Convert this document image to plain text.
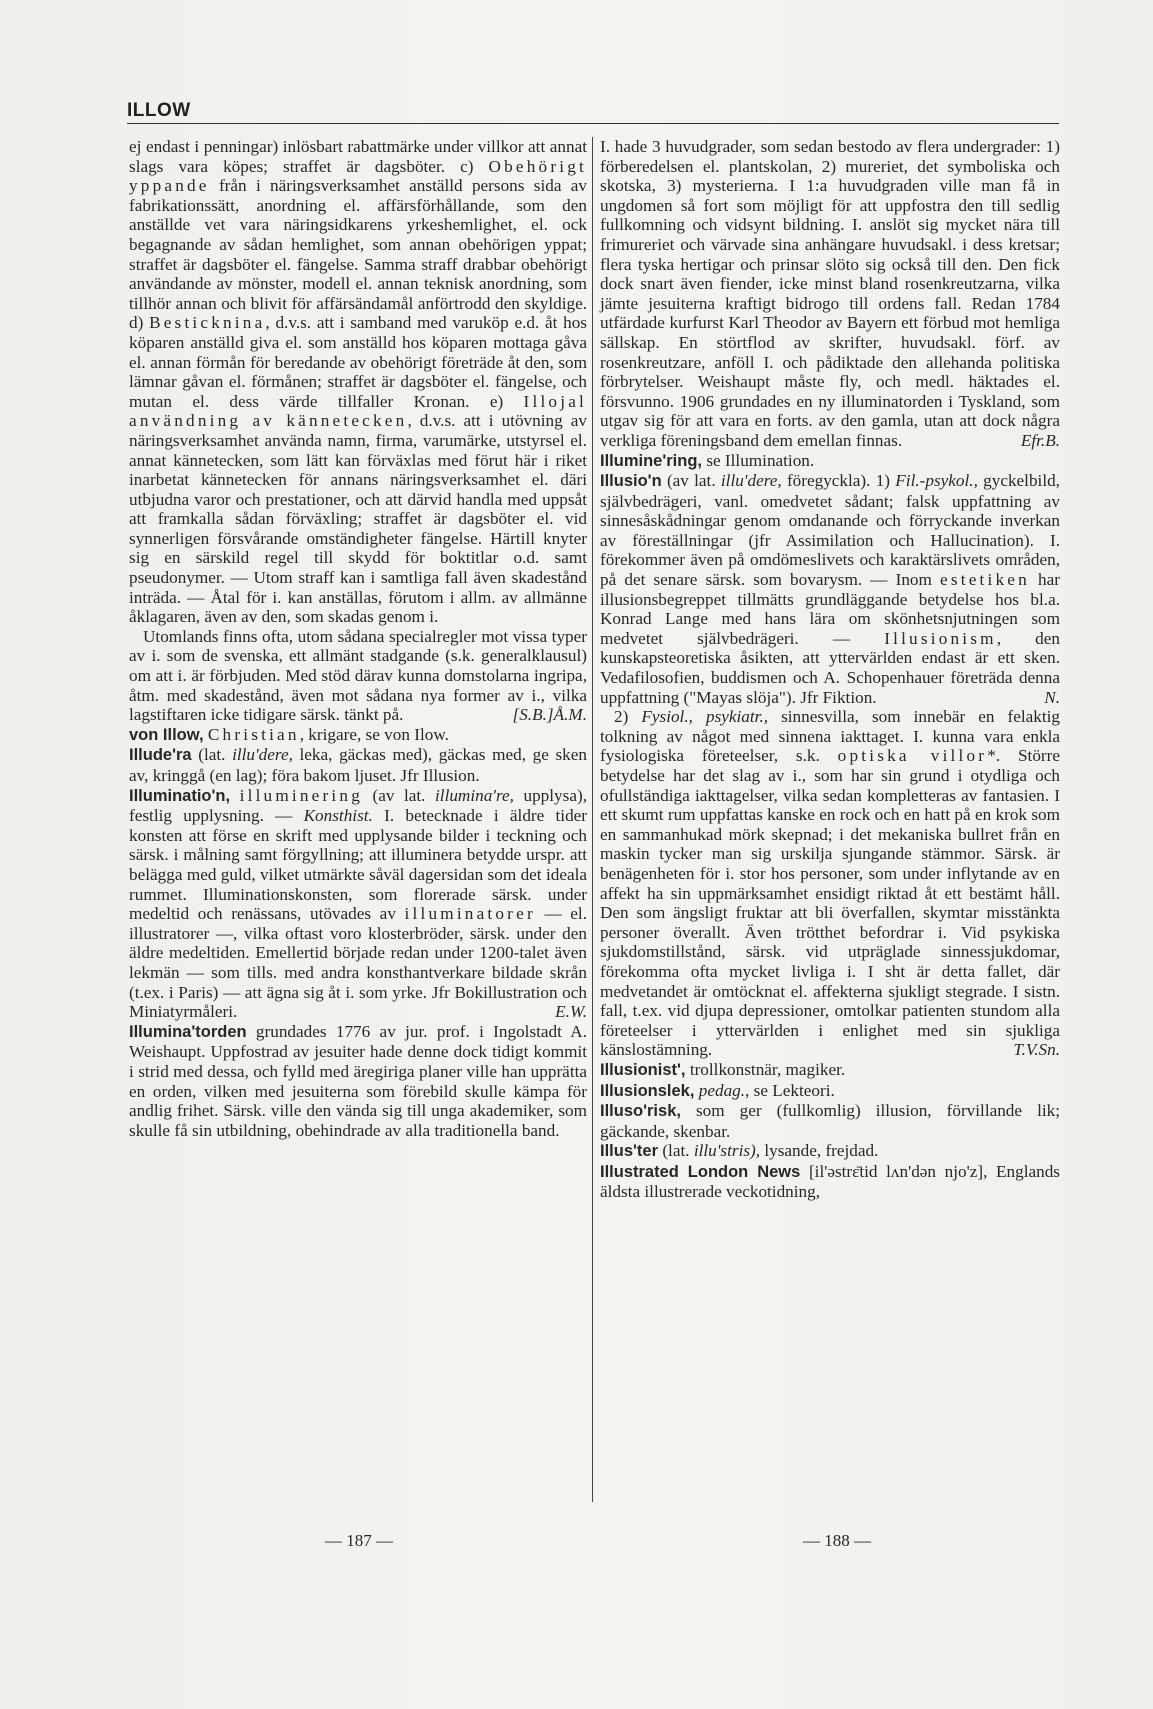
ILLOW

ej endast i penningar) inlösbart rabattmärke under villkor att annat slags vara köpes; straffet är dagsböter. c) Obehörigt yppande från i näringsverksamhet anställd persons sida av fabrikationssätt, anordning el. affärsförhållande, som den anställde vet vara näringsidkarens yrkeshemlighet, el. ock begagnande av sådan hemlighet, som annan obehörigen yppat; straffet är dagsböter el. fängelse. Samma straff drabbar obehörigt användande av mönster, modell el. annan teknisk anordning, som tillhör annan och blivit för affärsändamål anförtrodd den skyldige. d) Besticknina, d.v.s. att i samband med varuköp e.d. åt hos köparen anställd giva el. som anställd hos köparen mottaga gåva el. annan förmån för beredande av obehörigt företräde åt den, som lämnar gåvan el. förmånen; straffet är dagsböter el. fängelse, och mutan el. dess värde tillfaller Kronan. e) Illojal användning av kännetecken, d.v.s. att i utövning av näringsverksamhet använda namn, firma, varumärke, utstyrsel el. annat kännetecken, som lätt kan förväxlas med förut här i riket inarbetat kännetecken för annans näringsverksamhet el. däri utbjudna varor och prestationer, och att därvid handla med uppsåt att framkalla sådan förväxling; straffet är dagsböter el. vid synnerligen försvårande omständigheter fängelse. Härtill knyter sig en särskild regel till skydd för boktitlar o.d. samt pseudonymer. — Utom straff kan i samtliga fall även skadestånd inträda. — Åtal för i. kan anställas, förutom i allm. av allmänne åklagaren, även av den, som skadas genom i.

Utomlands finns ofta, utom sådana specialregler mot vissa typer av i. som de svenska, ett allmänt stadgande (s.k. generalklausul) om att i. är förbjuden. Med stöd därav kunna domstolarna ingripa, åtm. med skadestånd, även mot sådana nya former av i., vilka lagstiftaren icke tidigare särsk. tänkt på.	[S.B.]Å.M.

von Illow, Christian, krigare, se von Ilow.

Illude'ra (lat. illu'dere, leka, gäckas med), gäckas med, ge sken av, kringgå (en lag); föra bakom ljuset. Jfr Illusion.

Illuminatio'n, illuminering (av lat. illumina're, upplysa), festlig upplysning. — Konsthist. I. betecknade i äldre tider konsten att förse en skrift med upplysande bilder i teckning och särsk. i målning samt förgyllning; att illuminera betydde urspr. att belägga med guld, vilket utmärkte såväl dagersidan som det ideala rummet. Illuminationskonsten, som florerade särsk. under medeltid och renässans, utövades av illuminatorer — el. illustratorer —, vilka oftast voro klosterbröder, särsk. under den äldre medeltiden. Emellertid började redan under 1200-talet även lekmän — som tills. med andra konsthantverkare bildade skrån (t.ex. i Paris) — att ägna sig åt i. som yrke. Jfr Bokillustration och Miniatyrmåleri.	E.W.

Illumina'torden grundades 1776 av jur. prof. i Ingolstadt A. Weishaupt. Uppfostrad av jesuiter hade denne dock tidigt kommit i strid med dessa, och fylld med äregiriga planer ville han upprätta en orden, vilken med jesuiterna som förebild skulle kämpa för andlig frihet. Särsk. ville den vända sig till unga akademiker, som skulle få sin utbildning, obehindrade av alla traditionella band.

I. hade 3 huvudgrader, som sedan bestodo av flera undergrader: 1) förberedelsen el. plantskolan, 2) mureriet, det symboliska och skotska, 3) mysterierna. I 1:a huvudgraden ville man få in ungdomen så fort som möjligt för att uppfostra den till sedlig fullkomning och vidsynt bildning. I. anslöt sig mycket nära till frimureriet och värvade sina anhängare huvudsakl. i dess kretsar; flera tyska hertigar och prinsar slöto sig också till den. Den fick dock snart även fiender, icke minst bland rosenkreutzarna, vilka jämte jesuiterna kraftigt bidrogo till ordens fall. Redan 1784 utfärdade kurfurst Karl Theodor av Bayern ett förbud mot hemliga sällskap. En störtflod av skrifter, huvudsakl. förf. av rosenkreutzare, anföll I. och pådiktade den allehanda politiska förbrytelser. Weishaupt måste fly, och medl. häktades el. försvunno. 1906 grundades en ny illuminatorden i Tyskland, som utgav sig för att vara en forts. av den gamla, utan att dock några verkliga föreningsband dem emellan finnas.	Efr.B.

Illumine'ring, se Illumination.

Illusio'n (av lat. illu'dere, föregyckla). 1) Fil.-psykol., gyckelbild, självbedrägeri, vanl. omedvetet sådant; falsk uppfattning av sinnesåskådningar genom omdanande och förryckande inverkan av föreställningar (jfr Assimilation och Hallucination). I. förekommer även på omdömeslivets och karaktärslivets områden, på det senare särsk. som bovarysm. — Inom estetiken har illusionsbegreppet tillmätts grundläggande betydelse hos bl.a. Konrad Lange med hans lära om skönhetsnjutningen som medvetet självbedrägeri. — Illusionism, den kunskapsteoretiska åsikten, att yttervärlden endast är ett sken. Vedafilosofien, buddismen och A. Schopenhauer företräda denna uppfattning ("Mayas slöja"). Jfr Fiktion.	N.

2) Fysiol., psykiatr., sinnesvilla, som innebär en felaktig tolkning av något med sinnena iakttaget. I. kunna vara enkla fysiologiska företeelser, s.k. optiska villor*. Större betydelse har det slag av i., som har sin grund i otydliga och ofullständiga iakttagelser, vilka sedan kompletteras av fantasien. I ett skumt rum uppfattas kanske en rock och en hatt på en krok som en sammanhukad mörk skepnad; i det mekaniska bullret från en maskin tycker man sig urskilja sjungande stämmor. Särsk. är benägenheten för i. stor hos personer, som under inflytande av en affekt ha sin uppmärksamhet ensidigt riktad åt ett bestämt håll. Den som ängsligt fruktar att bli överfallen, skymtar misstänkta personer överallt. Även trötthet befordrar i. Vid psykiska sjukdomstillstånd, särsk. vid utpräglade sinnessjukdomar, förekomma ofta mycket livliga i. I sht är detta fallet, där medvetandet är omtöcknat el. affekterna sjukligt stegrade. I sistn. fall, t.ex. vid djupa depressioner, omtolkar patienten stundom alla företeelser i yttervärlden i enlighet med sin sjukliga känslostämning.	T.V.Sn.

Illusionist', trollkonstnär, magiker.

Illusionslek, pedag., se Lekteori.

Illuso'risk, som ger (fullkomlig) illusion, förvillande lik; gäckande, skenbar.

Illus'ter (lat. illu'stris), lysande, frejdad.

Illustrated London News [il'əstrɛ̄tid lʌn'dən njo'z], Englands äldsta illustrerade veckotidning,

— 187 —	— 188 —
